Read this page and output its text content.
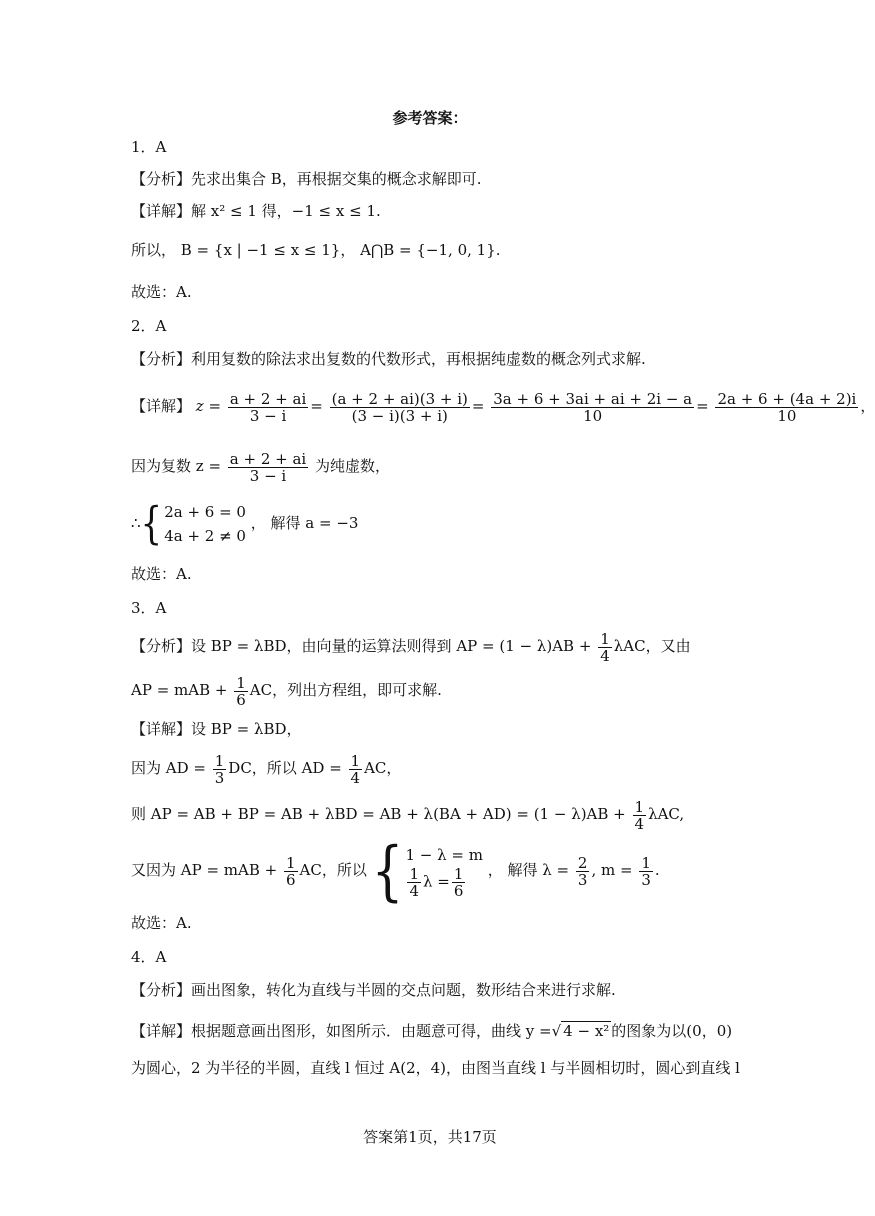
参考答案：
1．A
【分析】先求出集合 B，再根据交集的概念求解即可.
【详解】解 x² ≤ 1 得，−1 ≤ x ≤ 1.
所以， B = {x | −1 ≤ x ≤ 1}， A⋂B = {−1, 0, 1}.
故选：A.
2．A
【分析】利用复数的除法求出复数的代数形式，再根据纯虚数的概念列式求解.
【详解】 $z = \frac{a + 2 + ai}{3 - i} = \frac{(a + 2 + ai)(3 + i)}{(3 - i)(3 + i)} = \frac{3a + 6 + 3ai + ai + 2i - a}{10} = \frac{2a + 6 + (4a + 2)i}{10}$ ，
因为复数 $z = \frac{a + 2 + ai}{3 - i}$ 为纯虚数，
∴{ 2a + 6 = 0
4a + 2 ≠ 0
， 解得 a = −3
故选：A.
3．A
【分析】设 BP = λBD，由向量的运算法则得到 AP = $(1 - \lambda)AB + \frac{1}{4}$ λAC，又由
AP = mAB + $\frac{1}{6}$ AC，列出方程组，即可求解.
【详解】设 BP = λBD，
因为 AD = $\frac{1}{3}$ DC，所以 AD = $\frac{1}{4}$ AC，
则 AP = AB + BP = AB + λBD = AB + $\lambda(BA + AD) = (1 - \lambda)AB + \frac{1}{4} \lambda AC$,
又因为 AP = mAB + $\frac{1}{6}$ AC，所以 { 1 − λ = m
$\frac{1}{4}$ $\lambda = \frac{1}{6}$ ， 解得 $\lambda = \frac{2}{3}$ , $m = \frac{1}{3}$ .
故选：A.
4．A
【分析】画出图象，转化为直线与半圆的交点问题，数形结合来进行求解.
【详解】根据题意画出图形，如图所示．由题意可得，曲线 y =√ 4 − x² 的图象为以(0，0)
为圆心，2 为半径的半圆，直线 l 恒过 A(2，4)，由图当直线 l 与半圆相切时，圆心到直线 l
答案第1页，共17页
